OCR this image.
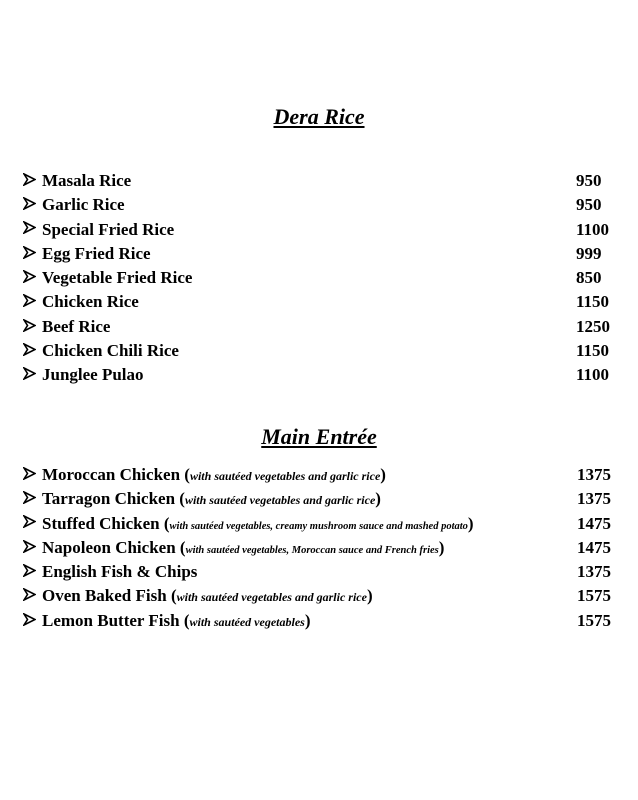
Dera Rice
Masala Rice	950
Garlic Rice	950
Special Fried Rice	1100
Egg Fried Rice	999
Vegetable Fried Rice	850
Chicken Rice	1150
Beef Rice	1250
Chicken Chili Rice	1150
Junglee Pulao	1100
Main Entrée
Moroccan Chicken (with sautéed vegetables and garlic rice)	1375
Tarragon Chicken (with sautéed vegetables and garlic rice)	1375
Stuffed Chicken (with sautéed vegetables, creamy mushroom sauce and mashed potato)	1475
Napoleon Chicken (with sautéed vegetables, Moroccan sauce and French fries)	1475
English Fish & Chips	1375
Oven Baked Fish (with sautéed vegetables and garlic rice)	1575
Lemon Butter Fish (with sautéed vegetables)	1575
